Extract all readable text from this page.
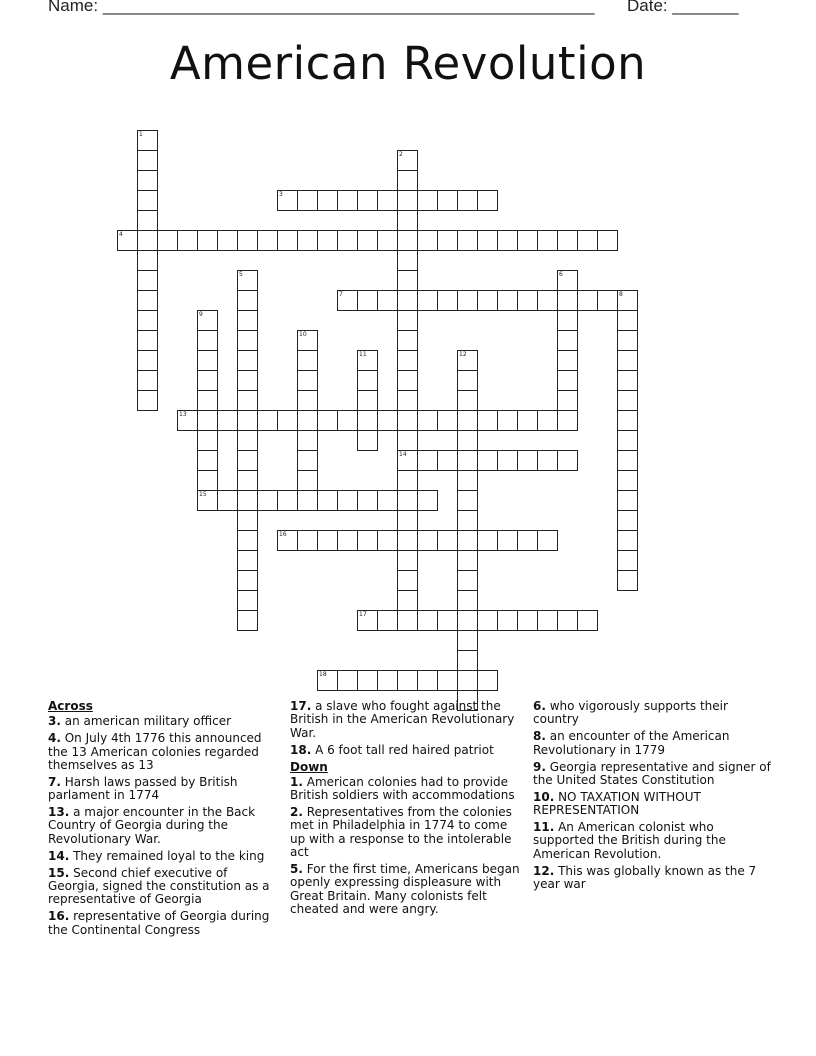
Name: ____________________________________________________ Date: _______
American Revolution
1
2
14
3
4
5	6
7	8
9
10
11	12
13
15
16
17
18
Across
3. an american military officer
4. On July 4th 1776 this announced the 13 American colonies regarded themselves as 13
7. Harsh laws passed by British parlament in 1774
13. a major encounter in the Back Country of Georgia during the Revolutionary War.
14. They remained loyal to the king
15. Second chief executive of Georgia, signed the constitution as a representative of Georgia
16. representative of Georgia during the Continental Congress
17. a slave who fought against the British in the American Revolutionary War.
18. A 6 foot tall red haired patriot
Down
1. American colonies had to provide British soldiers with accommodations
2. Representatives from the colonies met in Philadelphia in 1774 to come up with a response to the intolerable act
5. For the first time, Americans began openly expressing displeasure with Great Britain. Many colonists felt cheated and were angry.
6. who vigorously supports their country
8. an encounter of the American Revolutionary in 1779
9. Georgia representative and signer of the United States Constitution
10. NO TAXATION WITHOUT REPRESENTATION
11. An American colonist who supported the British during the American Revolution.
12. This was globally known as the 7 year war
